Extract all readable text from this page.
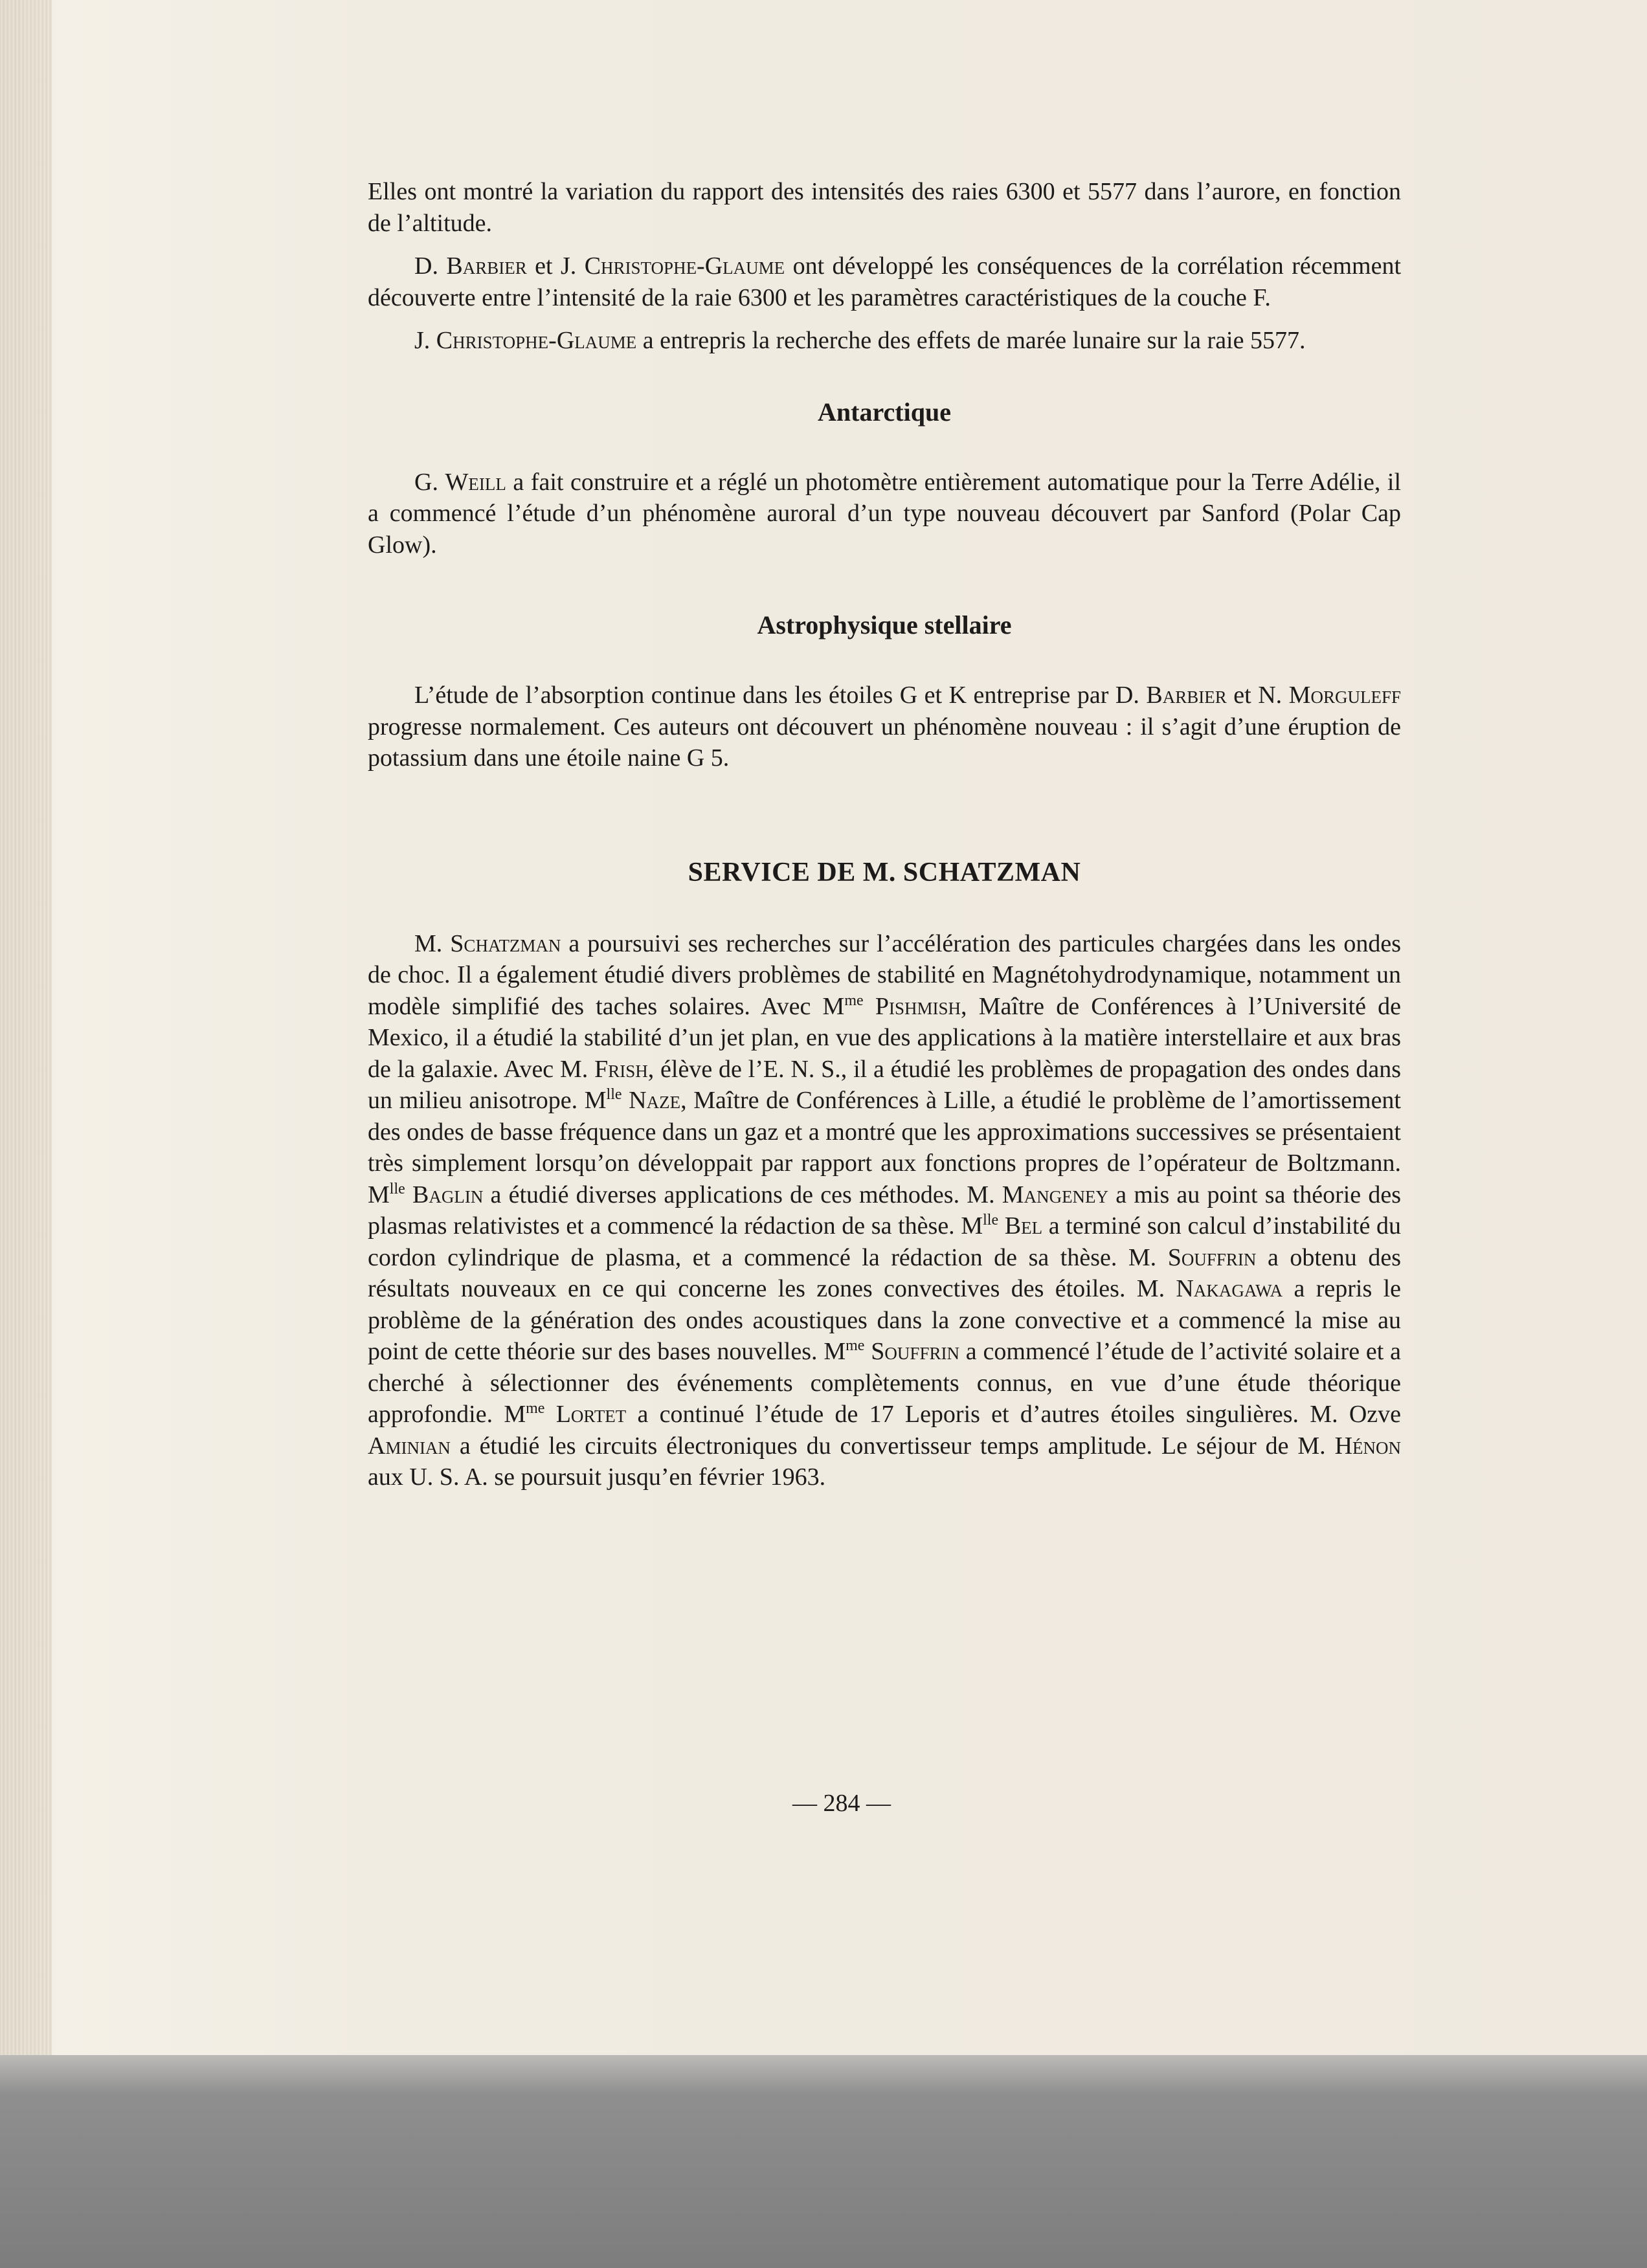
Elles ont montré la variation du rapport des intensités des raies 6300 et 5577 dans l’aurore, en fonction de l’altitude.

D. Barbier et J. Christophe-Glaume ont développé les conséquences de la corrélation récemment découverte entre l’intensité de la raie 6300 et les paramètres caractéristiques de la couche F.

J. Christophe-Glaume a entrepris la recherche des effets de marée lunaire sur la raie 5577.

Antarctique

G. Weill a fait construire et a réglé un photomètre entièrement automatique pour la Terre Adélie, il a commencé l’étude d’un phénomène auroral d’un type nouveau découvert par Sanford (Polar Cap Glow).

Astrophysique stellaire

L’étude de l’absorption continue dans les étoiles G et K entreprise par D. Barbier et N. Morguleff progresse normalement. Ces auteurs ont découvert un phénomène nouveau : il s’agit d’une éruption de potassium dans une étoile naine G 5.

SERVICE DE M. SCHATZMAN

M. Schatzman a poursuivi ses recherches sur l’accélération des particules chargées dans les ondes de choc. Il a également étudié divers problèmes de stabilité en Magnétohydrodynamique, notamment un modèle simplifié des taches solaires. Avec $M^{me}$ Pishmish, Maître de Conférences à l’Université de Mexico, il a étudié la stabilité d’un jet plan, en vue des applications à la matière interstellaire et aux bras de la galaxie. Avec M. Frish, élève de l’E. N. S., il a étudié les problèmes de propagation des ondes dans un milieu anisotrope. $M^{lle}$ Naze, Maître de Conférences à Lille, a étudié le problème de l’amortissement des ondes de basse fréquence dans un gaz et a montré que les approximations successives se présentaient très simplement lorsqu’on développait par rapport aux fonctions propres de l’opérateur de Boltzmann. $M^{lle}$ Baglin a étudié diverses applications de ces méthodes. M. Mangeney a mis au point sa théorie des plasmas relativistes et a commencé la rédaction de sa thèse. $M^{lle}$ Bel a terminé son calcul d’instabilité du cordon cylindrique de plasma, et a commencé la rédaction de sa thèse. M. Souffrin a obtenu des résultats nouveaux en ce qui concerne les zones convectives des étoiles. M. Nakagawa a repris le problème de la génération des ondes acoustiques dans la zone convective et a commencé la mise au point de cette théorie sur des bases nouvelles. $M^{me}$ Souffrin a commencé l’étude de l’activité solaire et a cherché à sélectionner des événements complètements connus, en vue d’une étude théorique approfondie. $M^{me}$ Lortet a continué l’étude de 17 Leporis et d’autres étoiles singulières. M. Ozve Aminian a étudié les circuits électroniques du convertisseur temps amplitude. Le séjour de M. Hénon aux U. S. A. se poursuit jusqu’en février 1963.

— 284 —
